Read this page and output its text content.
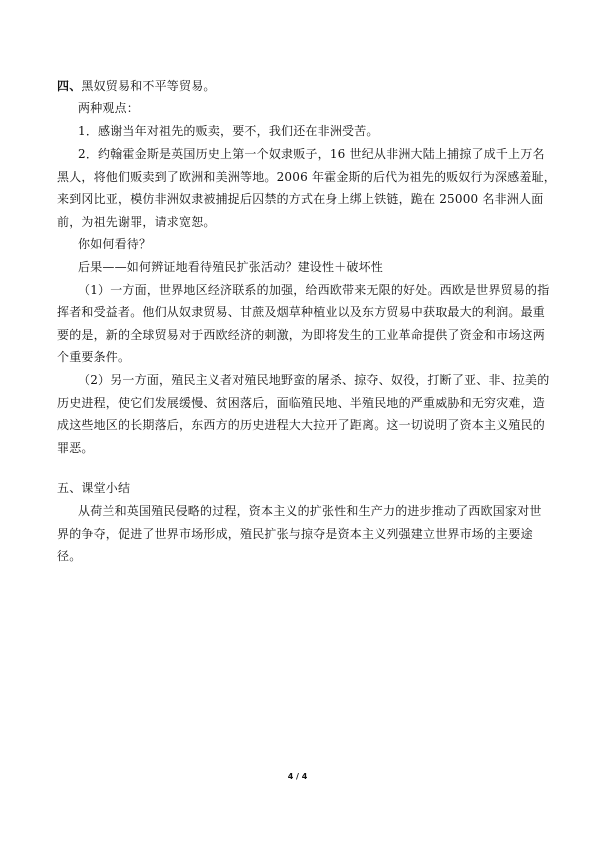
四、黑奴贸易和不平等贸易。
两种观点：
1．感谢当年对祖先的贩卖，要不，我们还在非洲受苦。
2．约翰霍金斯是英国历史上第一个奴隶贩子，16 世纪从非洲大陆上捕掠了成千上万名
黑人，将他们贩卖到了欧洲和美洲等地。2006 年霍金斯的后代为祖先的贩奴行为深感羞耻，
来到冈比亚，模仿非洲奴隶被捕捉后囚禁的方式在身上绑上铁链，跪在 25000 名非洲人面
前，为祖先谢罪，请求宽恕。
你如何看待？
后果——如何辨证地看待殖民扩张活动？建设性＋破坏性
（1）一方面，世界地区经济联系的加强，给西欧带来无限的好处。西欧是世界贸易的指
挥者和受益者。他们从奴隶贸易、甘蔗及烟草种植业以及东方贸易中获取最大的利润。最重
要的是，新的全球贸易对于西欧经济的刺激，为即将发生的工业革命提供了资金和市场这两
个重要条件。
（2）另一方面，殖民主义者对殖民地野蛮的屠杀、掠夺、奴役，打断了亚、非、拉美的
历史进程，使它们发展缓慢、贫困落后，面临殖民地、半殖民地的严重威胁和无穷灾难，造
成这些地区的长期落后，东西方的历史进程大大拉开了距离。这一切说明了资本主义殖民的
罪恶。
五、课堂小结
从荷兰和英国殖民侵略的过程，资本主义的扩张性和生产力的进步推动了西欧国家对世
界的争夺，促进了世界市场形成，殖民扩张与掠夺是资本主义列强建立世界市场的主要途
径。
4 / 4
